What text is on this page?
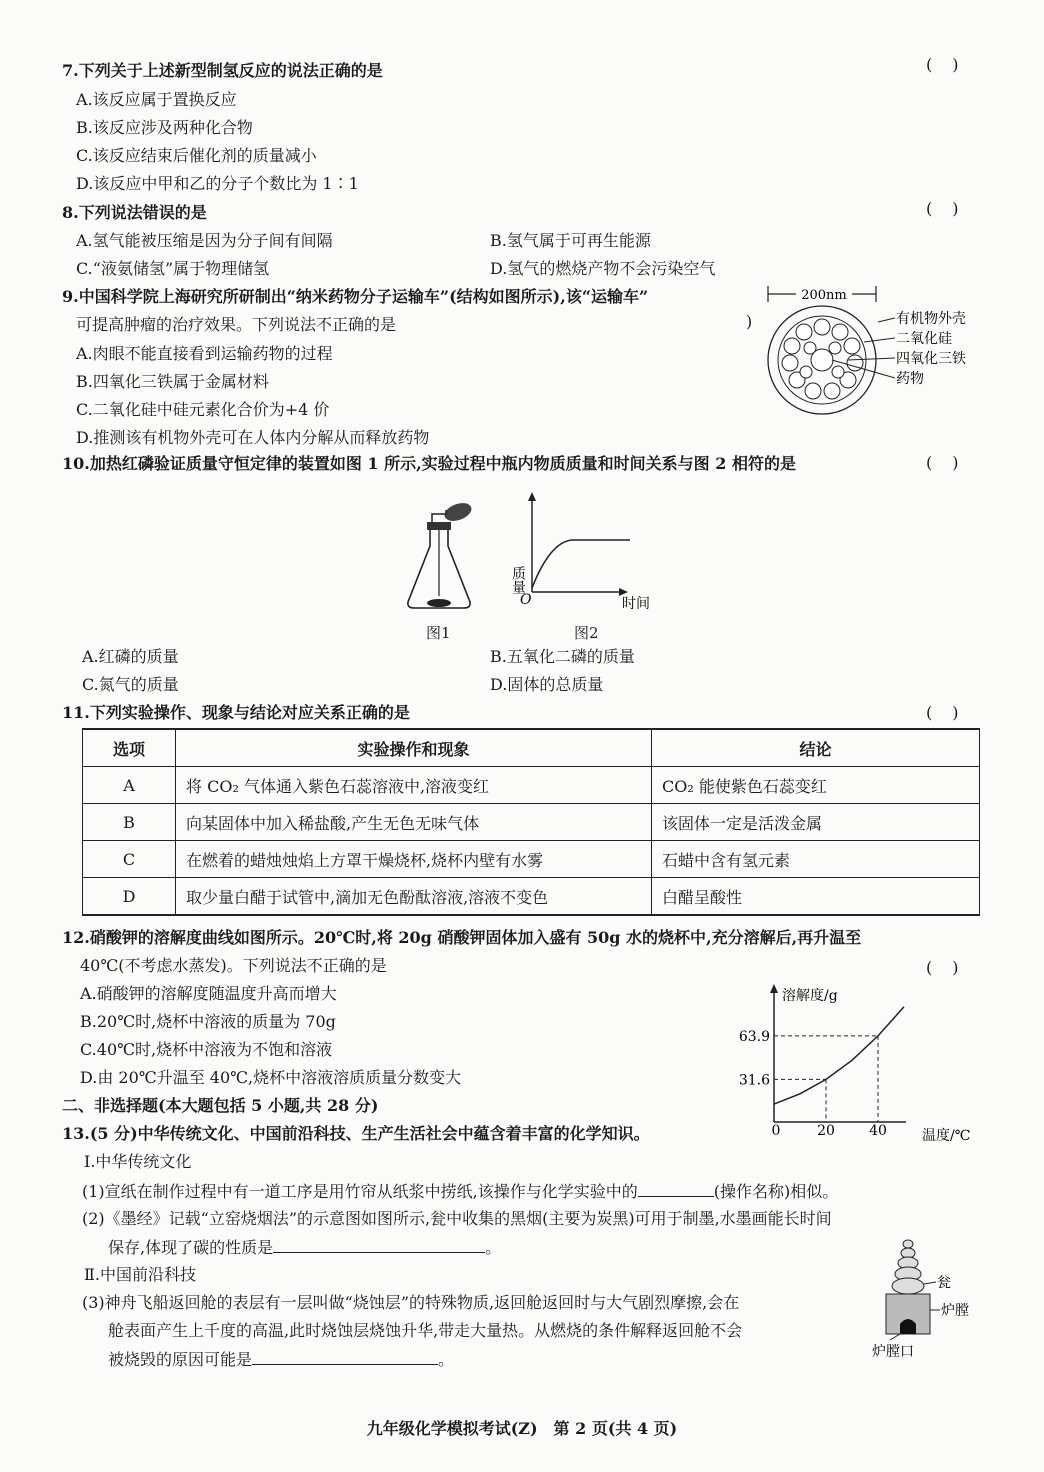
7.下列关于上述新型制氢反应的说法正确的是	(　)
A.该反应属于置换反应
B.该反应涉及两种化合物
C.该反应结束后催化剂的质量减小
D.该反应中甲和乙的分子个数比为 1∶1
8.下列说法错误的是	(　)
A.氢气能被压缩是因为分子间有间隔	B.氢气属于可再生能源
C.“液氨储氢”属于物理储氢	D.氢气的燃烧产物不会污染空气
9.中国科学院上海研究所研制出“纳米药物分子运输车”(结构如图所示),该“运输车”
可提高肿瘤的治疗效果。下列说法不正确的是	)
A.肉眼不能直接看到运输药物的过程
B.四氧化三铁属于金属材料
C.二氧化硅中硅元素化合价为+4 价
D.推测该有机物外壳可在人体内分解从而释放药物
200nm
有机物外壳
二氧化硅
四氧化三铁
药物
10.加热红磷验证质量守恒定律的装置如图 1 所示,实验过程中瓶内物质质量和时间关系与图 2 相符的是	(　)
图1
质量
O	时间
图2
A.红磷的质量	B.五氧化二磷的质量
C.氮气的质量	D.固体的总质量
11.下列实验操作、现象与结论对应关系正确的是	(　)
选项	实验操作和现象	结论
A	将 CO₂ 气体通入紫色石蕊溶液中,溶液变红	CO₂ 能使紫色石蕊变红
B	向某固体中加入稀盐酸,产生无色无味气体	该固体一定是活泼金属
C	在燃着的蜡烛烛焰上方罩干燥烧杯,烧杯内壁有水雾	石蜡中含有氢元素
D	取少量白醋于试管中,滴加无色酚酞溶液,溶液不变色	白醋呈酸性
12.硝酸钾的溶解度曲线如图所示。20℃时,将 20g 硝酸钾固体加入盛有 50g 水的烧杯中,充分溶解后,再升温至
40℃(不考虑水蒸发)。下列说法不正确的是	(　)
A.硝酸钾的溶解度随温度升高而增大
B.20℃时,烧杯中溶液的质量为 70g
C.40℃时,烧杯中溶液为不饱和溶液
D.由 20℃升温至 40℃,烧杯中溶液溶质质量分数变大
溶解度/g
温度/℃
0	20 40
31.6
63.9
二、非选择题(本大题包括 5 小题,共 28 分)
13.(5 分)中华传统文化、中国前沿科技、生产生活社会中蕴含着丰富的化学知识。
Ⅰ.中华传统文化
(1)宣纸在制作过程中有一道工序是用竹帘从纸浆中捞纸,该操作与化学实验中的	(操作名称)相似。
(2)《墨经》记载“立窑烧烟法”的示意图如图所示,瓮中收集的黑烟(主要为炭黑)可用于制墨,水墨画能长时间
保存,体现了碳的性质是	。
Ⅱ.中国前沿科技
(3)神舟飞船返回舱的表层有一层叫做“烧蚀层”的特殊物质,返回舱返回时与大气剧烈摩擦,会在
舱表面产生上千度的高温,此时烧蚀层烧蚀升华,带走大量热。从燃烧的条件解释返回舱不会
被烧毁的原因可能是	。
瓮
炉膛
炉膛口
九年级化学模拟考试(Z)　第 2 页(共 4 页)
